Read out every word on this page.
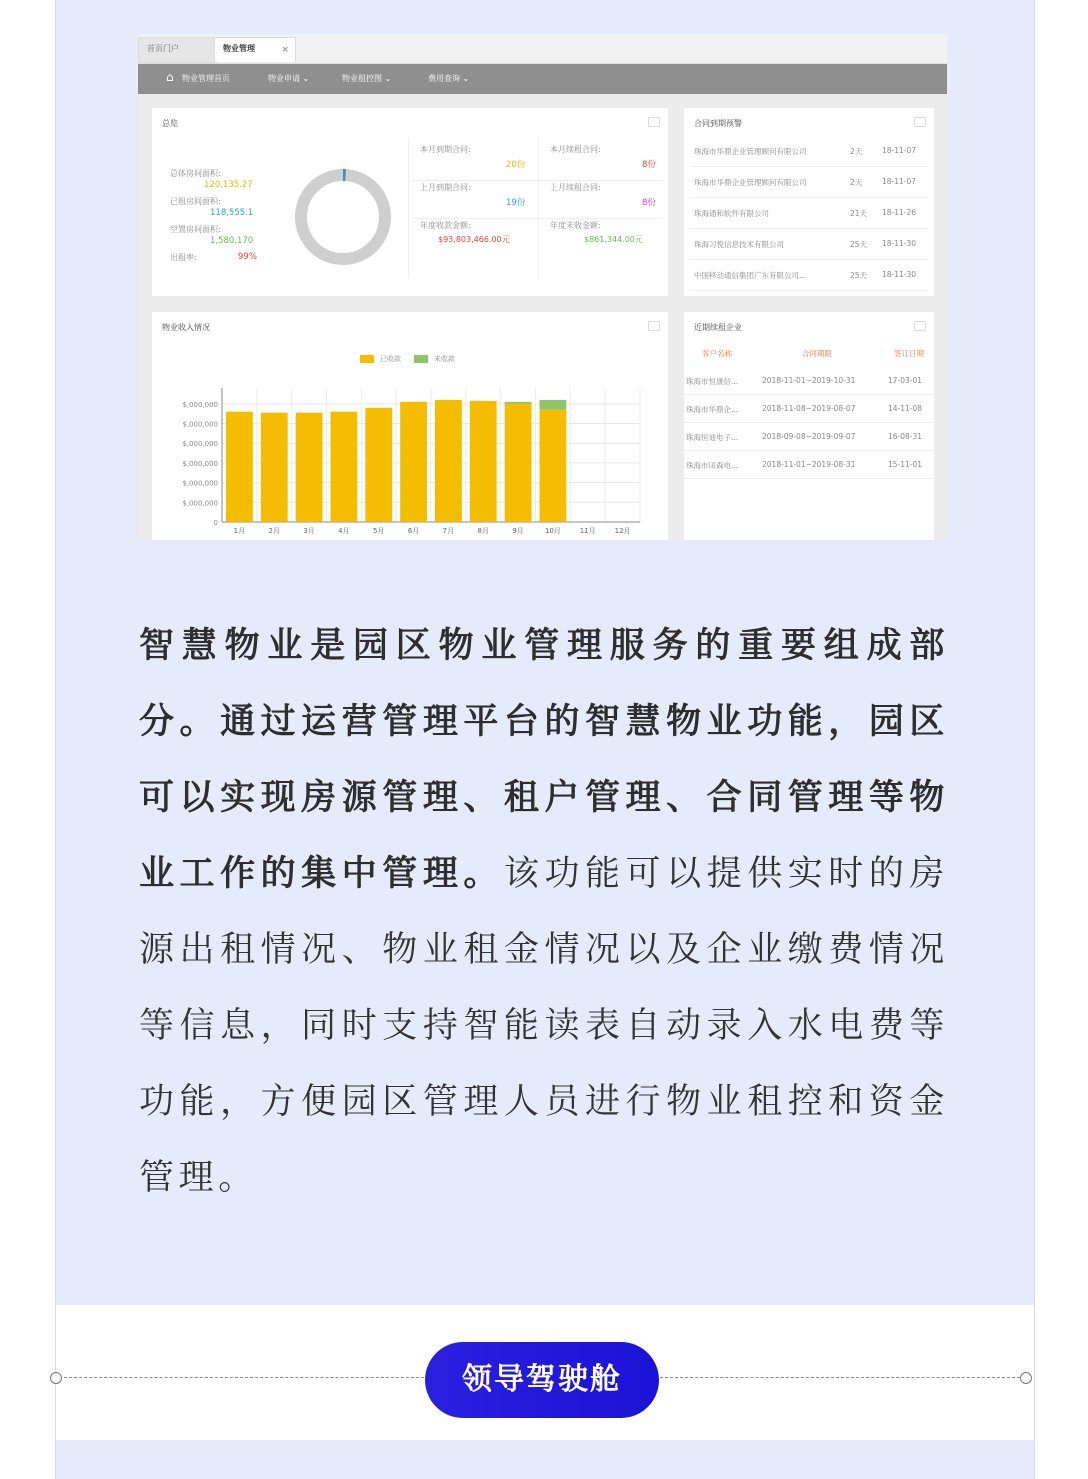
首页门户	物业管理	×
⌂ 物业管理首页	物业申请 ⌄	物业租控图 ⌄	费用查询 ⌄
总览
总体房间面积:
120,135.27
已租房间面积:
118,555.1
空置房间面积:
1,580.170
出租率:	99%
本月到期合同:
20份
本月续租合同:
8份
上月到期合同:
19份
上月续租合同:
8份
年度收款金额:
$93,803,466.00元
年度未收金额:
$861,344.00元
合同到期预警
珠海市华鼎企业管理顾问有限公司	2天	18-11-07
珠海市华鼎企业管理顾问有限公司	2天	18-11-07
珠海通和软件有限公司	21天 18-11-26
珠海习悦信息技术有限公司	25天 18-11-30
中国移动通信集团广东有限公司...	25天 18-11-30
物业收入情况
已收款	未收款
0
$,000,000
$,000,000
$,000,000
$,000,000
$,000,000
$,000,000
1月	2月	3月	4月	5月	6月	7月	8月	9月	10月	11月	12月
近期续租企业
客户名称	合同期限	签订日期
珠海市恒康信...	2018-11-01~2019-10-31	17-03-01
珠海市华鼎企...	2018-11-08~2019-08-07	14-11-08
珠海恒迪电子...	2018-09-08~2019-09-07	16-08-31
珠海市田森电...	2018-11-01~2019-08-31	15-11-01
智慧物业是园区物业管理服务的重要组成部分。通过运营管理平台的智慧物业功能，园区可以实现房源管理、租户管理、合同管理等物业工作的集中管理。该功能可以提供实时的房源出租情况、物业租金情况以及企业缴费情况等信息，同时支持智能读表自动录入水电费等功能，方便园区管理人员进行物业租控和资金管理。
领导驾驶舱
